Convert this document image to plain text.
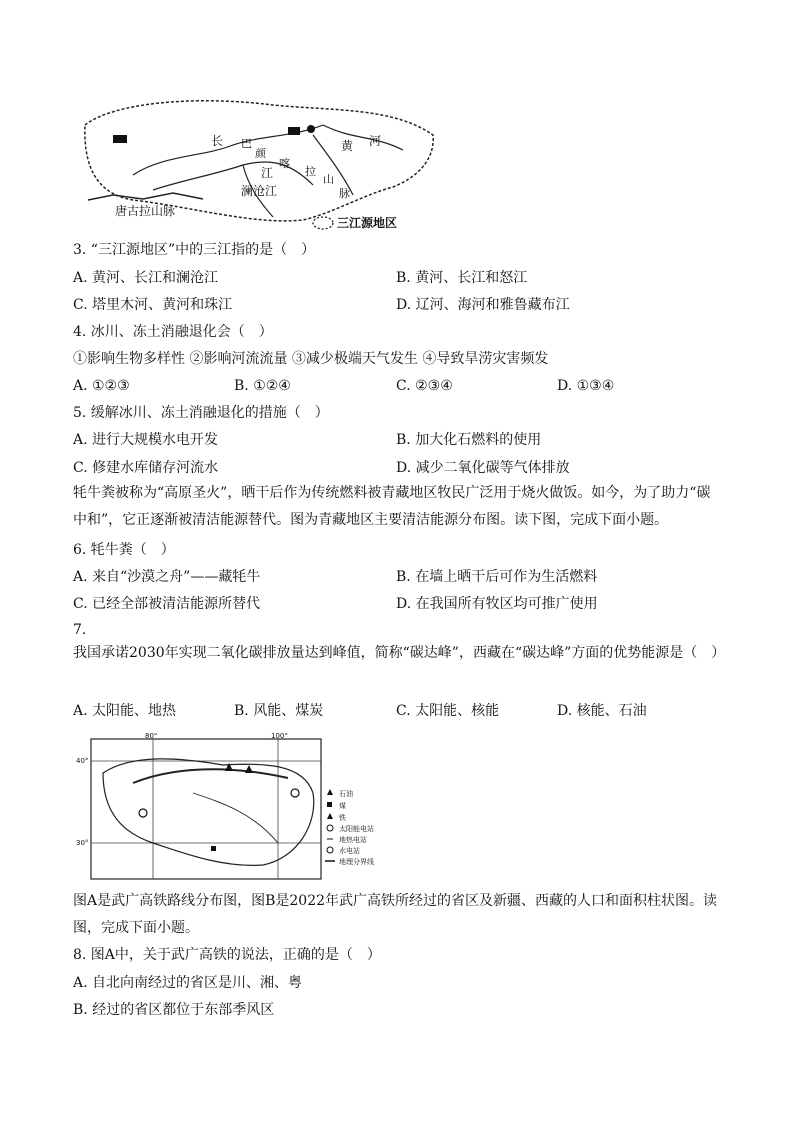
长
江
黄 河
澜沧江
巴
颜
喀
拉
山
脉
唐古拉山脉
三江源地区
3. “三江源地区”中的三江指的是（　）
A. 黄河、长江和澜沧江	B. 黄河、长江和怒江
C. 塔里木河、黄河和珠江	D. 辽河、海河和雅鲁藏布江
4. 冰川、冻土消融退化会（　）
①影响生物多样性 ②影响河流流量 ③减少极端天气发生 ④导致旱涝灾害频发
A. ①②③	B. ①②④	C. ②③④	D. ①③④
5. 缓解冰川、冻土消融退化的措施（　）
A. 进行大规模水电开发	B. 加大化石燃料的使用
C. 修建水库储存河流水	D. 减少二氧化碳等气体排放
牦牛粪被称为“高原圣火”，晒干后作为传统燃料被青藏地区牧民广泛用于烧火做饭。如今，为了助力“碳中和”，它正逐渐被清洁能源替代。图为青藏地区主要清洁能源分布图。读下图，完成下面小题。
6. 牦牛粪（　）
A. 来自“沙漠之舟”——藏牦牛	B. 在墙上晒干后可作为生活燃料
C. 已经全部被清洁能源所替代	D. 在我国所有牧区均可推广使用
7.
我国承诺2030年实现二氧化碳排放量达到峰值，简称“碳达峰”，西藏在“碳达峰”方面的优势能源是（　）
A. 太阳能、地热	B. 风能、煤炭	C. 太阳能、核能	D. 核能、石油
80°	100°
40°
30°
石油
煤
铁
太阳能电站
地热电站
水电站
地理分界线
图A是武广高铁路线分布图，图B是2022年武广高铁所经过的省区及新疆、西藏的人口和面积柱状图。读图，完成下面小题。
8. 图A中，关于武广高铁的说法，正确的是（　）
A. 自北向南经过的省区是川、湘、粤
B. 经过的省区都位于东部季风区
